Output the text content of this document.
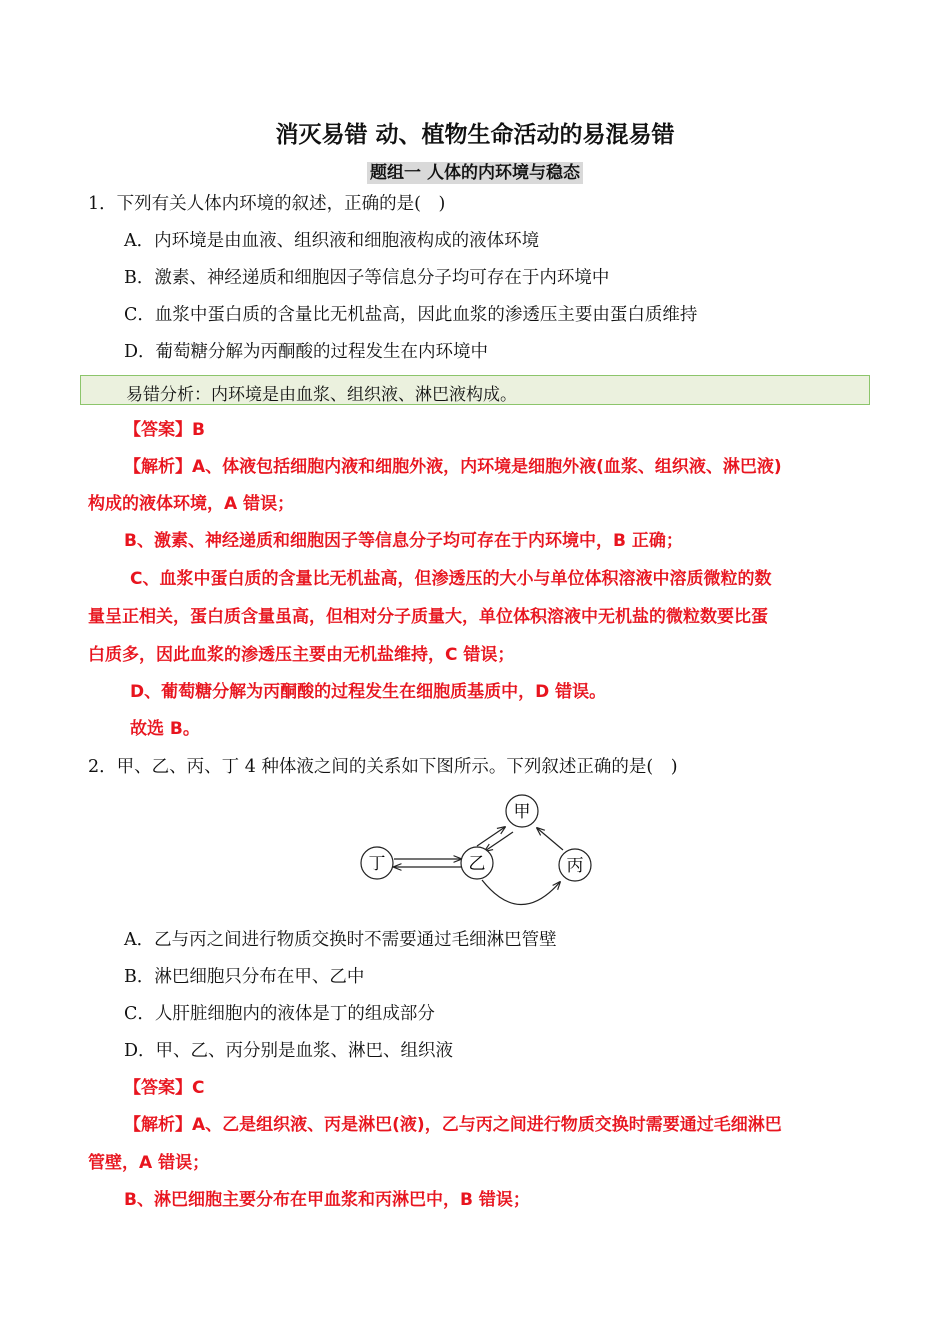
消灭易错 动、植物生命活动的易混易错
题组一 人体的内环境与稳态
1．下列有关人体内环境的叙述，正确的是(　)
A．内环境是由血液、组织液和细胞液构成的液体环境
B．激素、神经递质和细胞因子等信息分子均可存在于内环境中
C．血浆中蛋白质的含量比无机盐高，因此血浆的渗透压主要由蛋白质维持
D．葡萄糖分解为丙酮酸的过程发生在内环境中
易错分析：内环境是由血浆、组织液、淋巴液构成。
【答案】B
【解析】A、体液包括细胞内液和细胞外液，内环境是细胞外液(血浆、组织液、淋巴液)
构成的液体环境，A 错误；
B、激素、神经递质和细胞因子等信息分子均可存在于内环境中，B 正确；
C、血浆中蛋白质的含量比无机盐高，但渗透压的大小与单位体积溶液中溶质微粒的数
量呈正相关，蛋白质含量虽高，但相对分子质量大，单位体积溶液中无机盐的微粒数要比蛋
白质多，因此血浆的渗透压主要由无机盐维持，C 错误；
D、葡萄糖分解为丙酮酸的过程发生在细胞质基质中，D 错误。
故选 B。
2．甲、乙、丙、丁 4 种体液之间的关系如下图所示。下列叙述正确的是(　)
甲
乙	丙
丁
A．乙与丙之间进行物质交换时不需要通过毛细淋巴管壁
B．淋巴细胞只分布在甲、乙中
C．人肝脏细胞内的液体是丁的组成部分
D．甲、乙、丙分别是血浆、淋巴、组织液
【答案】C
【解析】A、乙是组织液、丙是淋巴(液)，乙与丙之间进行物质交换时需要通过毛细淋巴
管壁，A 错误；
B、淋巴细胞主要分布在甲血浆和丙淋巴中，B 错误；
